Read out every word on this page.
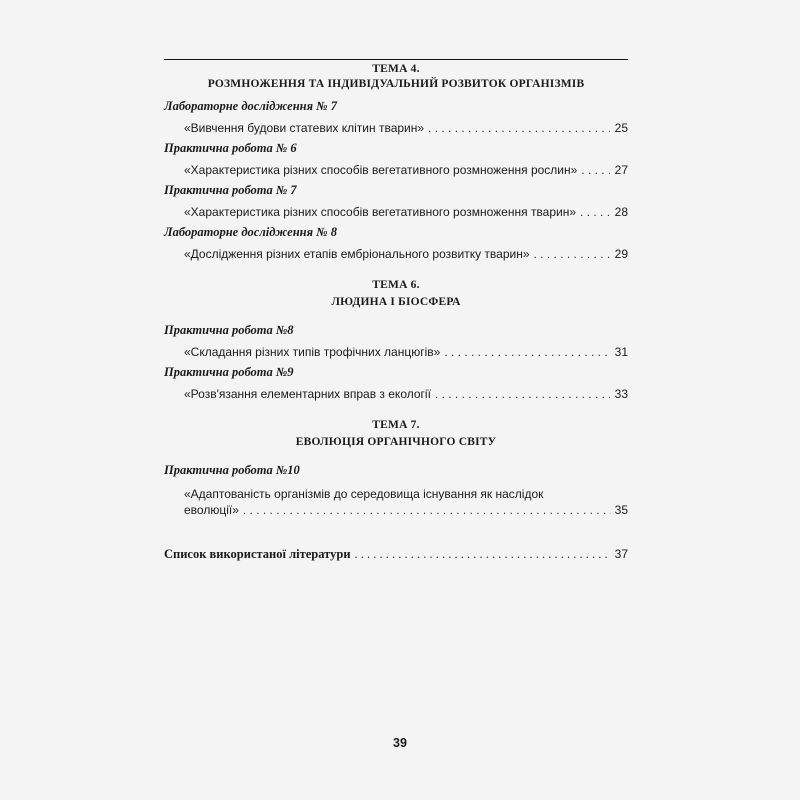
ТЕМА 4.
РОЗМНОЖЕННЯ ТА ІНДИВІДУАЛЬНИЙ РОЗВИТОК ОРГАНІЗМІВ
Лабораторне дослідження № 7
«Вивчення будови статевих клітин тварин» . . .	25
Практична робота № 6
«Характеристика різних способів вегетативного розмноження рослин» . . .	27
Практична робота № 7
«Характеристика різних способів вегетативного розмноження тварин» . . .	28
Лабораторне дослідження № 8
«Дослідження різних етапів ембріонального розвитку тварин» . . .	29
ТЕМА 6.
ЛЮДИНА І БІОСФЕРА
Практична робота №8
«Складання різних типів трофічних ланцюгів» . . .	31
Практична робота №9
«Розв'язання елементарних вправ з екології . . .	33
ТЕМА 7.
ЕВОЛЮЦІЯ ОРГАНІЧНОГО СВІТУ
Практична робота №10
«Адаптованість організмів до середовища існування як наслідок
еволюції» . . .	35
Список використаної літератури . . .	37
39
